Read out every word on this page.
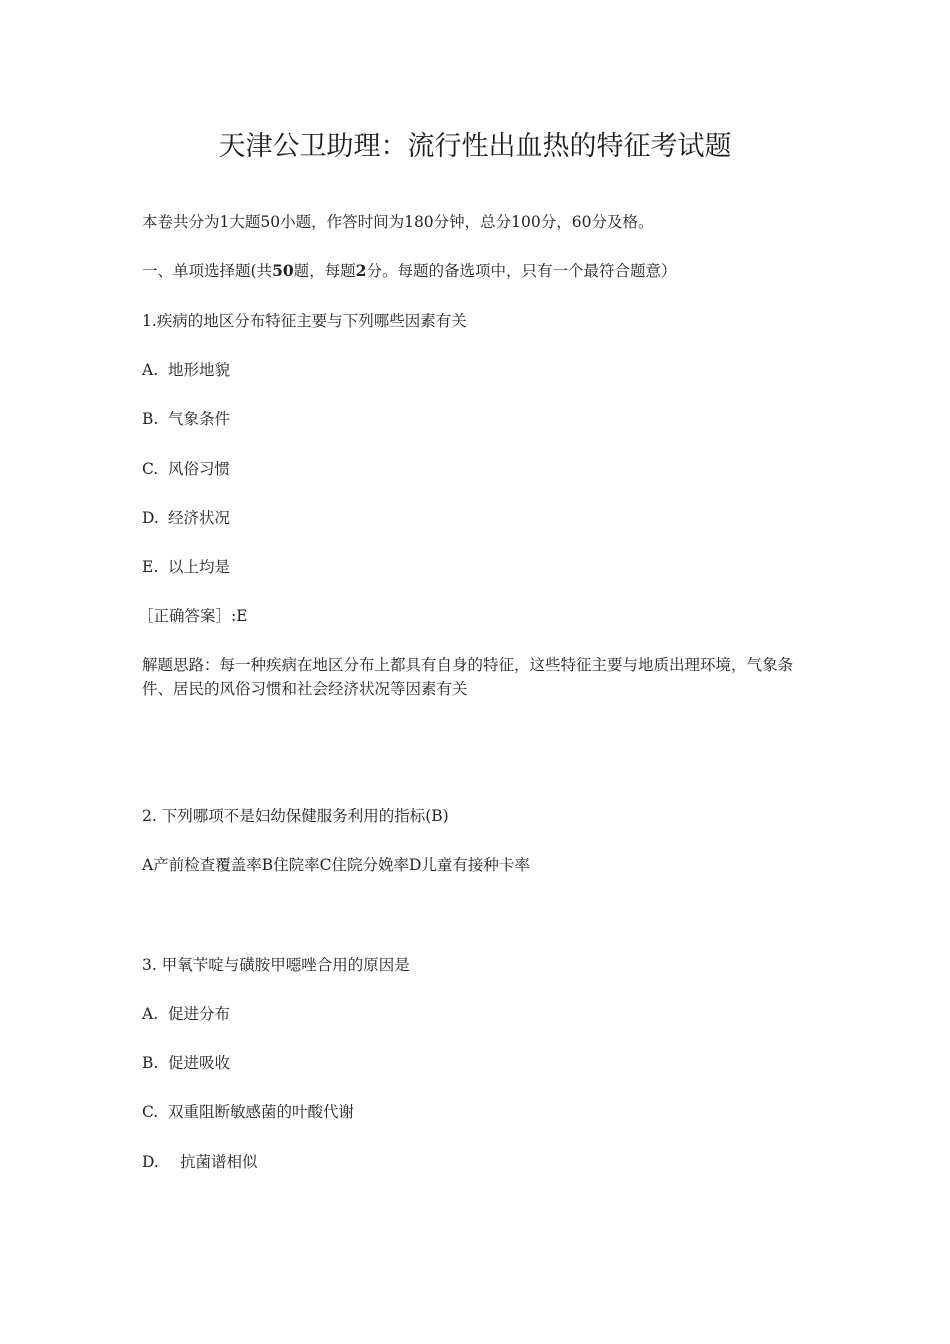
天津公卫助理：流行性出血热的特征考试题
本卷共分为1大题50小题，作答时间为180分钟，总分100分，60分及格。
一、单项选择题(共50题，每题2分。每题的备选项中，只有一个最符合题意）
1.疾病的地区分布特征主要与下列哪些因素有关
A. 地形地貌
B. 气象条件
C. 风俗习惯
D. 经济状况
E. 以上均是
［正确答案］:E
解题思路：每一种疾病在地区分布上都具有自身的特征，这些特征主要与地质出理环境，气象条件、居民的风俗习惯和社会经济状况等因素有关
2. 下列哪项不是妇幼保健服务利用的指标(B)
A产前检查覆盖率B住院率C住院分娩率D儿童有接种卡率
3. 甲氧苄啶与磺胺甲噁唑合用的原因是
A. 促进分布
B. 促进吸收
C. 双重阻断敏感菌的叶酸代谢
D. 抗菌谱相似
